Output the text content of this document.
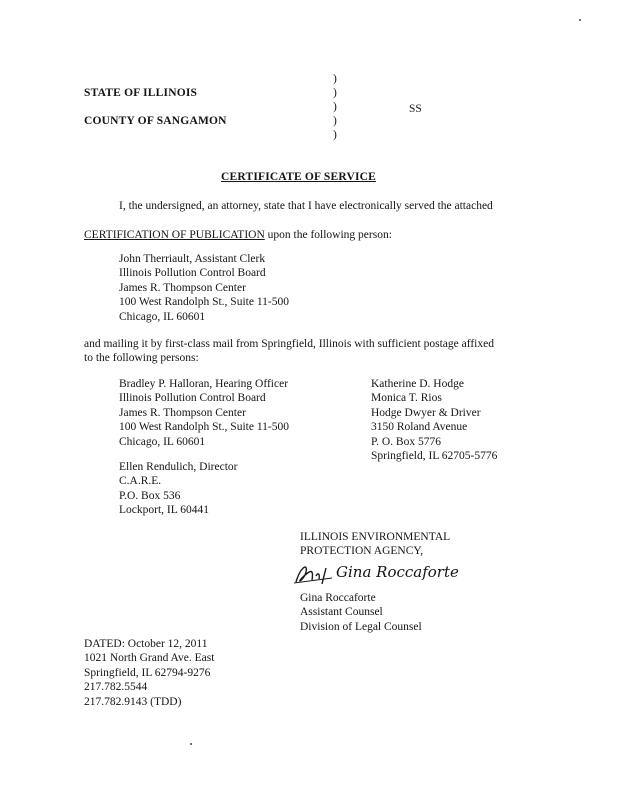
STATE OF ILLINOIS
COUNTY OF SANGAMON
)
)
)
)
)
SS
CERTIFICATE OF SERVICE
I, the undersigned, an attorney, state that I have electronically served the attached
CERTIFICATION OF PUBLICATION upon the following person:
John Therriault, Assistant Clerk
Illinois Pollution Control Board
James R. Thompson Center
100 West Randolph St., Suite 11-500
Chicago, IL 60601
and mailing it by first-class mail from Springfield, Illinois with sufficient postage affixed
to the following persons:
Bradley P. Halloran, Hearing Officer
Illinois Pollution Control Board
James R. Thompson Center
100 West Randolph St., Suite 11-500
Chicago, IL 60601
Katherine D. Hodge
Monica T. Rios
Hodge Dwyer & Driver
3150 Roland Avenue
P. O. Box 5776
Springfield, IL 62705-5776
Ellen Rendulich, Director
C.A.R.E.
P.O. Box 536
Lockport, IL 60441
ILLINOIS ENVIRONMENTAL
PROTECTION AGENCY,
Gina Roccaforte
Gina Roccaforte
Assistant Counsel
Division of Legal Counsel
DATED: October 12, 2011
1021 North Grand Ave. East
Springfield, IL 62794-9276
217.782.5544
217.782.9143 (TDD)
